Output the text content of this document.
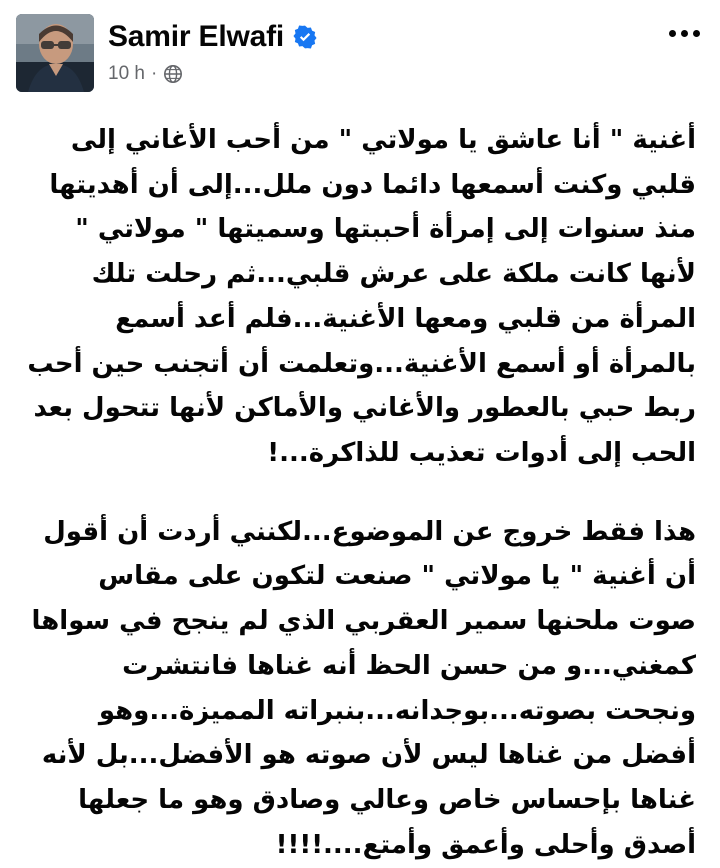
Samir Elwafi
10 h ·

أغنية " أنا عاشق يا مولاتي " من أحب الأغاني إلى قلبي وكنت أسمعها دائما دون ملل...إلى أن أهديتها منذ سنوات إلى إمرأة أحببتها وسميتها " مولاتي " لأنها كانت ملكة على عرش قلبي...ثم رحلت تلك المرأة من قلبي ومعها الأغنية...فلم أعد أسمع بالمرأة أو أسمع الأغنية...وتعلمت أن أتجنب حين أحب ربط حبي بالعطور والأغاني والأماكن لأنها تتحول بعد الحب إلى أدوات تعذيب للذاكرة...!

هذا فقط خروج عن الموضوع...لكنني أردت أن أقول أن أغنية " يا مولاتي " صنعت لتكون على مقاس صوت ملحنها سمير العقربي الذي لم ينجح في سواها كمغني...و من حسن الحظ أنه غناها فانتشرت ونجحت بصوته...بوجدانه...بنبراته المميزة...وهو أفضل من غناها ليس لأن صوته هو الأفضل...بل لأنه غناها بإحساس خاص وعالي وصادق وهو ما جعلها أصدق وأحلى وأعمق وأمتع....!!!!
